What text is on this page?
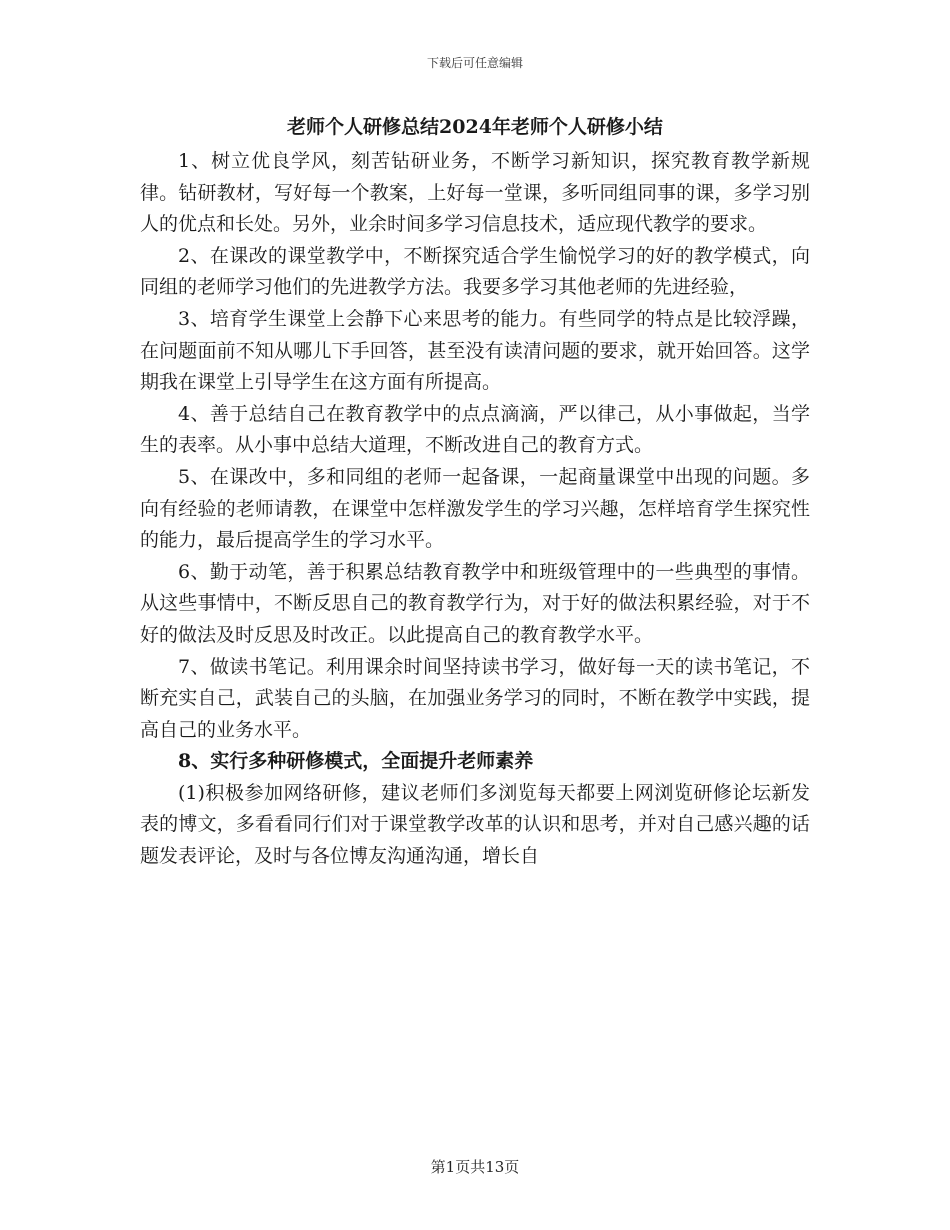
下载后可任意编辑
老师个人研修总结2024年老师个人研修小结

1、树立优良学风，刻苦钻研业务，不断学习新知识，探究教育教学新规律。钻研教材，写好每一个教案，上好每一堂课，多听同组同事的课，多学习别人的优点和长处。另外，业余时间多学习信息技术，适应现代教学的要求。

2、在课改的课堂教学中，不断探究适合学生愉悦学习的好的教学模式，向同组的老师学习他们的先进教学方法。我要多学习其他老师的先进经验，

3、培育学生课堂上会静下心来思考的能力。有些同学的特点是比较浮躁，在问题面前不知从哪儿下手回答，甚至没有读清问题的要求，就开始回答。这学期我在课堂上引导学生在这方面有所提高。

4、善于总结自己在教育教学中的点点滴滴，严以律己，从小事做起，当学生的表率。从小事中总结大道理，不断改进自己的教育方式。

5、在课改中，多和同组的老师一起备课，一起商量课堂中出现的问题。多向有经验的老师请教，在课堂中怎样激发学生的学习兴趣，怎样培育学生探究性的能力，最后提高学生的学习水平。

6、勤于动笔，善于积累总结教育教学中和班级管理中的一些典型的事情。从这些事情中，不断反思自己的教育教学行为，对于好的做法积累经验，对于不好的做法及时反思及时改正。以此提高自己的教育教学水平。

7、做读书笔记。利用课余时间坚持读书学习，做好每一天的读书笔记，不断充实自己，武装自己的头脑，在加强业务学习的同时，不断在教学中实践，提高自己的业务水平。

8、实行多种研修模式，全面提升老师素养

(1)积极参加网络研修，建议老师们多浏览每天都要上网浏览研修论坛新发表的博文，多看看同行们对于课堂教学改革的认识和思考，并对自己感兴趣的话题发表评论，及时与各位博友沟通沟通，增长自

第1页共13页
